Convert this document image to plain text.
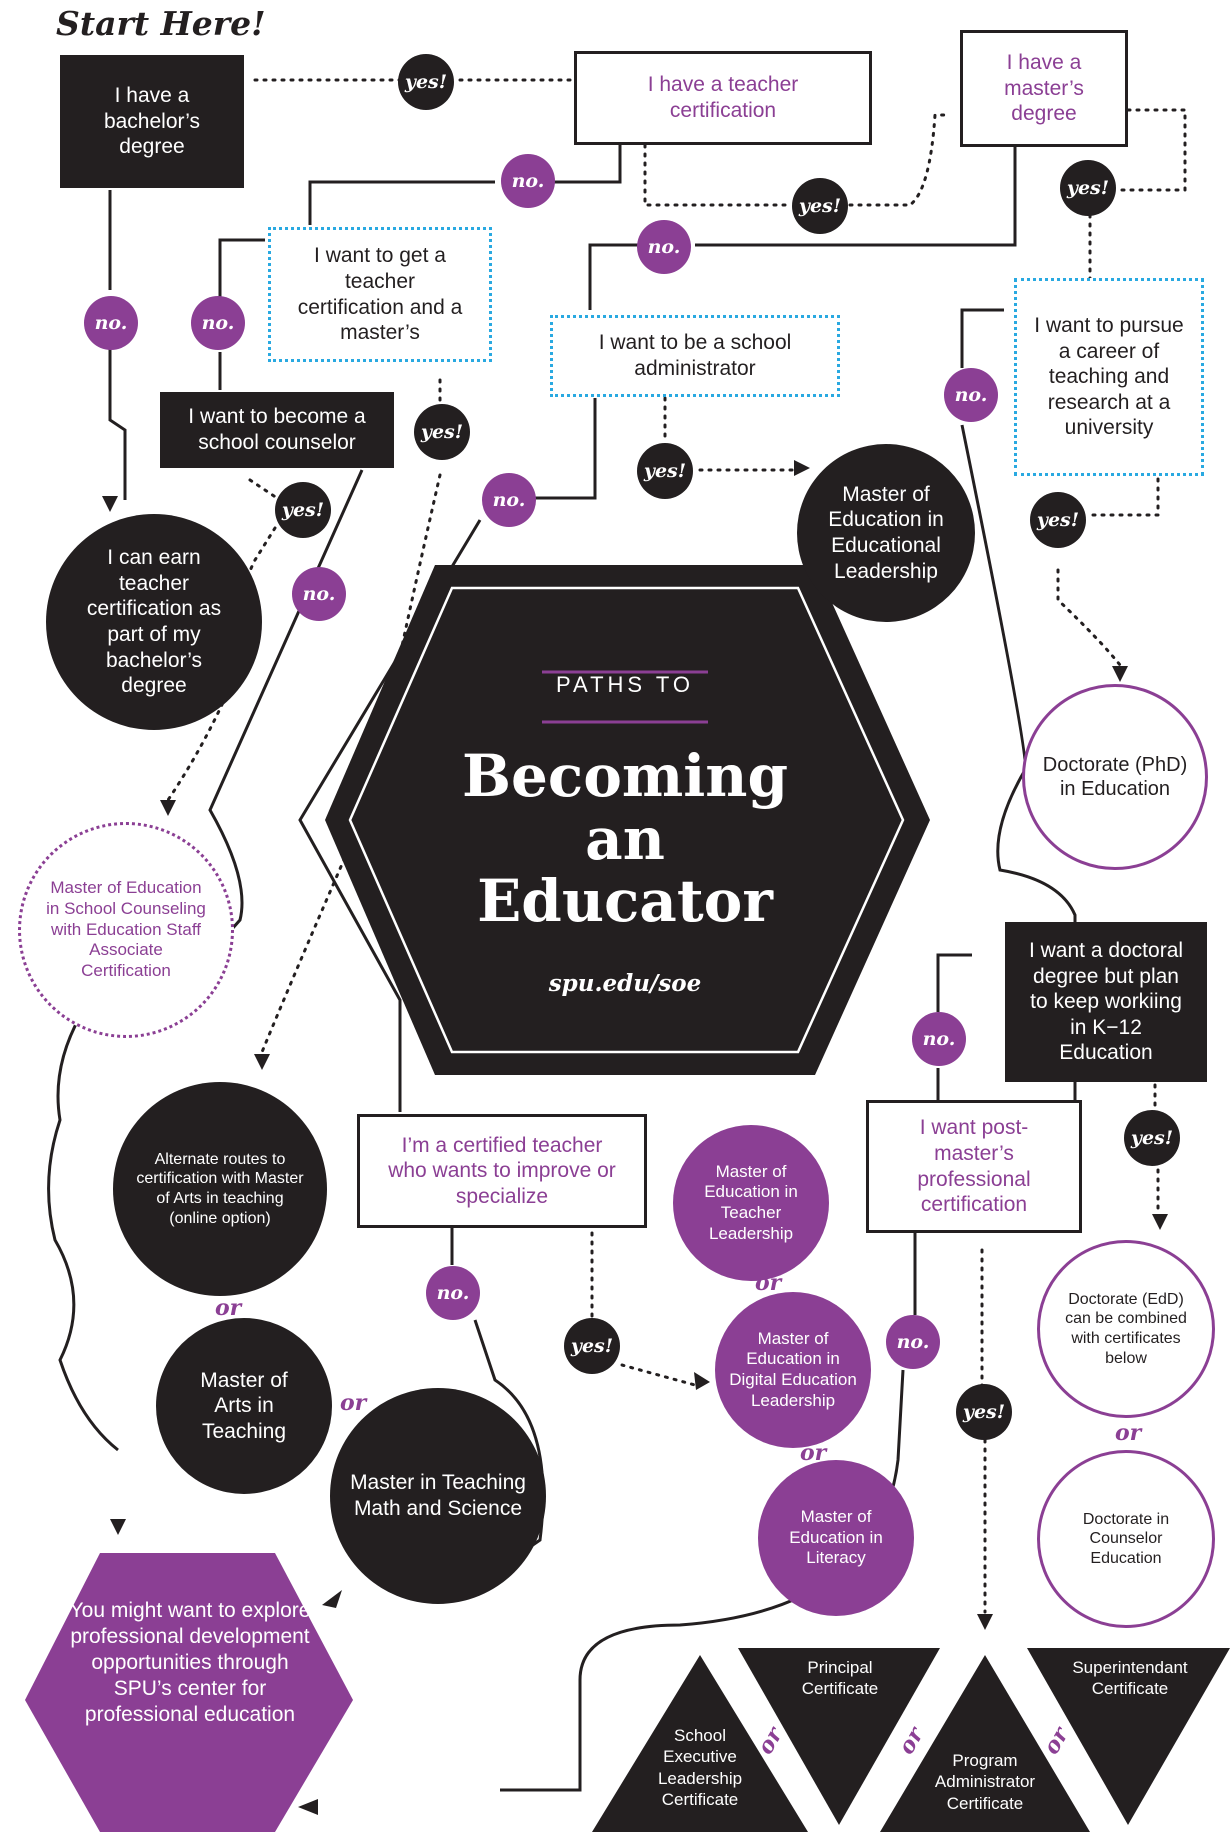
Start Here!
I have a bachelor’s degree
I have a teacher certification
I have a master’s degree
I want to get a teacher certification and a master’s	I want to be a school administrator
I want to pursue a career of teaching and research at a university
I want to become a school counselor
I want a doctoral degree but plan to keep workiing in K−12 Education
I’m a certified teacher who wants to improve or specialize
I want post-master’s professional certification
I can earn teacher certification as part of my bachelor’s degree
Master of Education in Educational Leadership
Doctorate (PhD) in Education
Master of Education in School Counseling with Education Staff Associate Certification
Alternate routes to certification with Master of Arts in teaching (online option)
Master of Education in Teacher Leadership
Doctorate (EdD) can be combined with certificates below
Master of Arts in Teaching
Master in Teaching Math and Science
Master of Education in Digital Education Leadership
Master of Education in Literacy
Doctorate in Counselor Education
You might want to explore professional development opportunities through SPU’s center for professional education
PATHS TO
Becoming
an
Educator
spu.edu/soe
School Executive Leadership Certificate
Principal Certificate
Program Administrator Certificate
Superintendant Certificate
yes!
yes!
yes!
yes!
yes!
yes!
yes!
yes!
yes!
yes!
no.
no.
no.	no.
no.
no.
no.
no.
no.
no.
or
or
or
or
or
or	or	or
